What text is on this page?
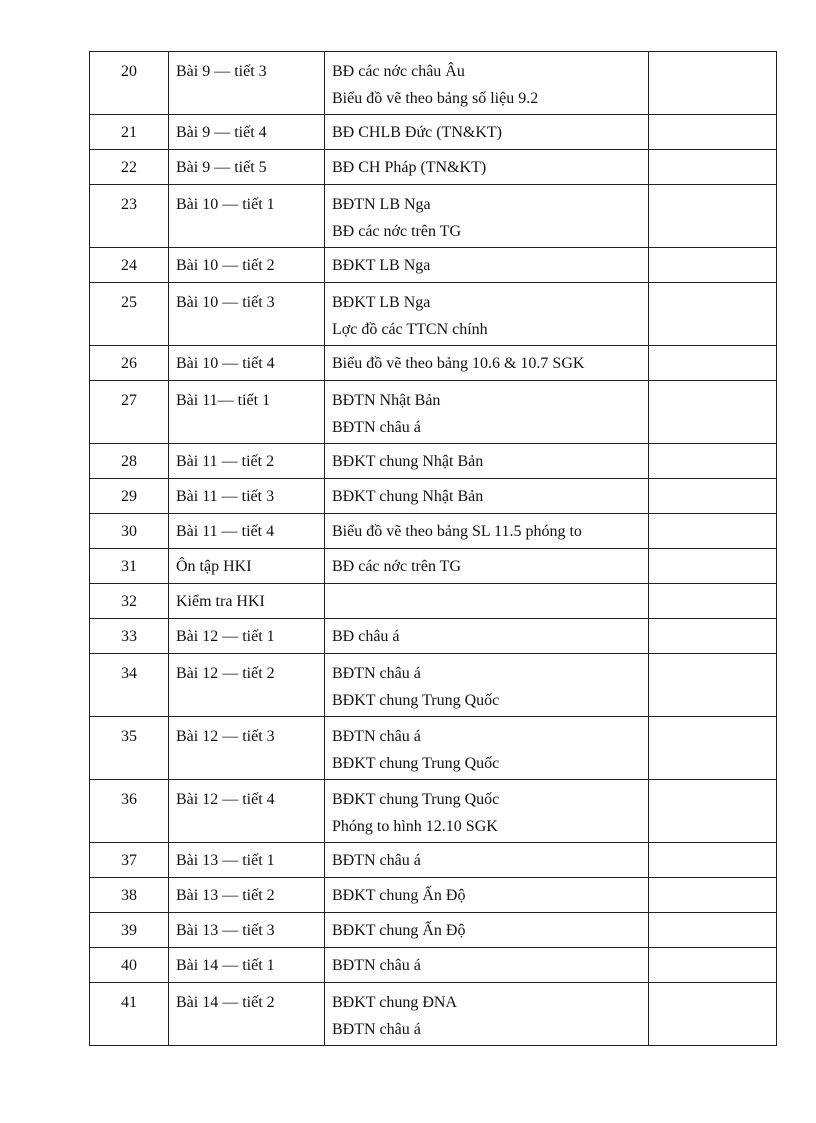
20	Bài 9 — tiết 3	BĐ các nớc châu Âu
Biểu đồ vẽ theo bảng số liệu 9.2	

21	Bài 9 — tiết 4	BĐ CHLB Đức (TN&KT)	

22	Bài 9 — tiết 5	BĐ CH Pháp (TN&KT)	

23	Bài 10 — tiết 1	BĐTN LB Nga
BĐ các nớc trên TG	

24	Bài 10 — tiết 2	BĐKT LB Nga	

25	Bài 10 — tiết 3	BĐKT LB Nga
Lợc đồ các TTCN chính	

26	Bài 10 — tiết 4	Biểu đồ vẽ theo bảng 10.6 & 10.7 SGK	

27	Bài 11— tiết 1	BĐTN Nhật Bản
BĐTN châu á	

28	Bài 11 — tiết 2	BĐKT chung Nhật Bản	

29	Bài 11 — tiết 3	BĐKT chung Nhật Bản	

30	Bài 11 — tiết 4	Biểu đồ vẽ theo bảng SL 11.5 phóng to	

31	Ôn tập HKI	BĐ các nớc trên TG	

32	Kiểm tra HKI		
33	Bài 12 — tiết 1	BĐ châu á	

34	Bài 12 — tiết 2	BĐTN châu á
BĐKT chung Trung Quốc	

35	Bài 12 — tiết 3	BĐTN châu á
BĐKT chung Trung Quốc	

36	Bài 12 — tiết 4	BĐKT chung Trung Quốc
Phóng to hình 12.10 SGK	

37	Bài 13 — tiết 1	BĐTN châu á	

38	Bài 13 — tiết 2	BĐKT chung Ấn Độ	

39	Bài 13 — tiết 3	BĐKT chung Ấn Độ	

40	Bài 14 — tiết 1	BĐTN châu á	

41	Bài 14 — tiết 2	BĐKT chung ĐNA
BĐTN châu á	
